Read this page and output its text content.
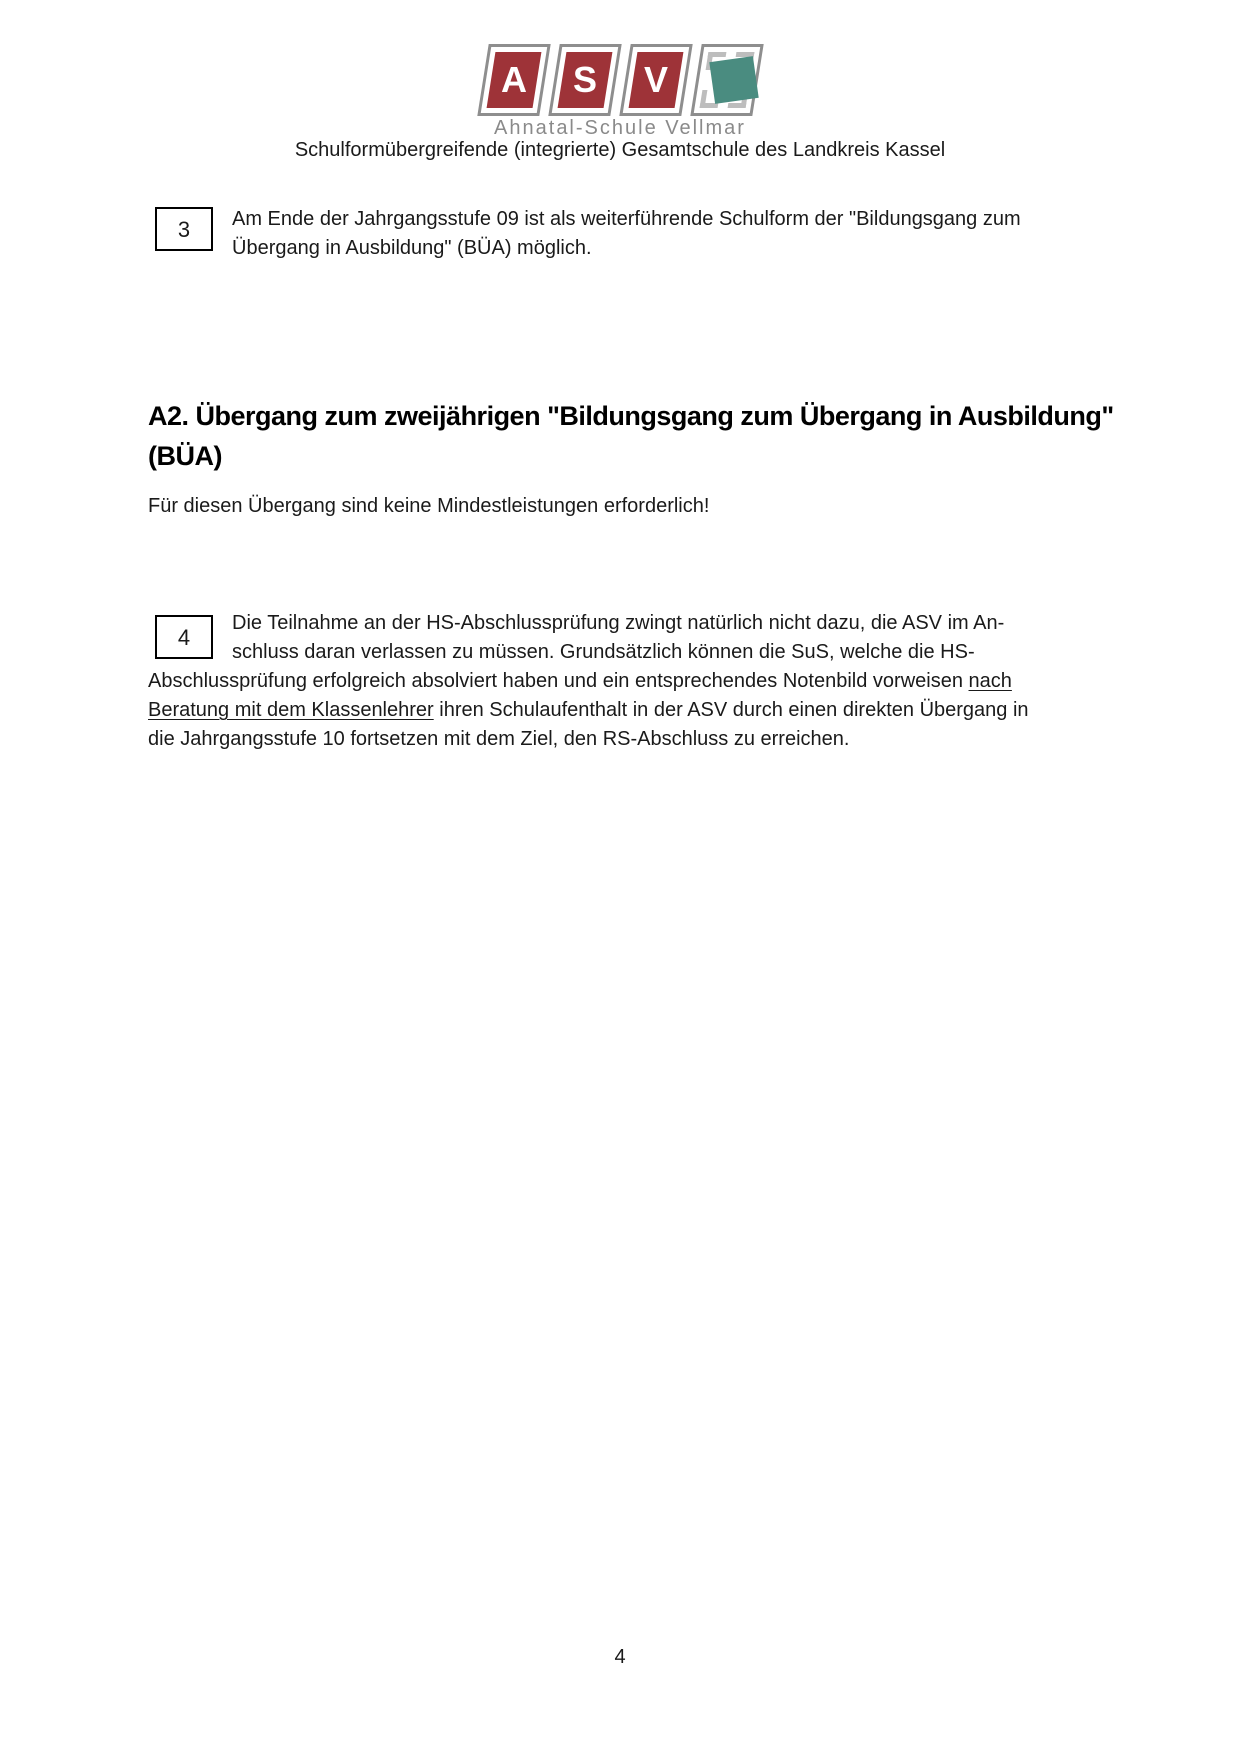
A S V
Ahnatal-Schule Vellmar
Schulformübergreifende (integrierte) Gesamtschule des Landkreis Kassel
3	Am Ende der Jahrgangsstufe 09 ist als weiterführende Schulform der "Bildungsgang zum
Übergang in Ausbildung" (BÜA) möglich.
A2. Übergang zum zweijährigen "Bildungsgang zum Übergang in Ausbildung"
(BÜA)
Für diesen Übergang sind keine Mindestleistungen erforderlich!
4
Die Teilnahme an der HS-Abschlussprüfung zwingt natürlich nicht dazu, die ASV im An-
schluss daran verlassen zu müssen. Grundsätzlich können die SuS, welche die HS-
Abschlussprüfung erfolgreich absolviert haben und ein entsprechendes Notenbild vorweisen nach
Beratung mit dem Klassenlehrer ihren Schulaufenthalt in der ASV durch einen direkten Übergang in
die Jahrgangsstufe 10 fortsetzen mit dem Ziel, den RS-Abschluss zu erreichen.
4
